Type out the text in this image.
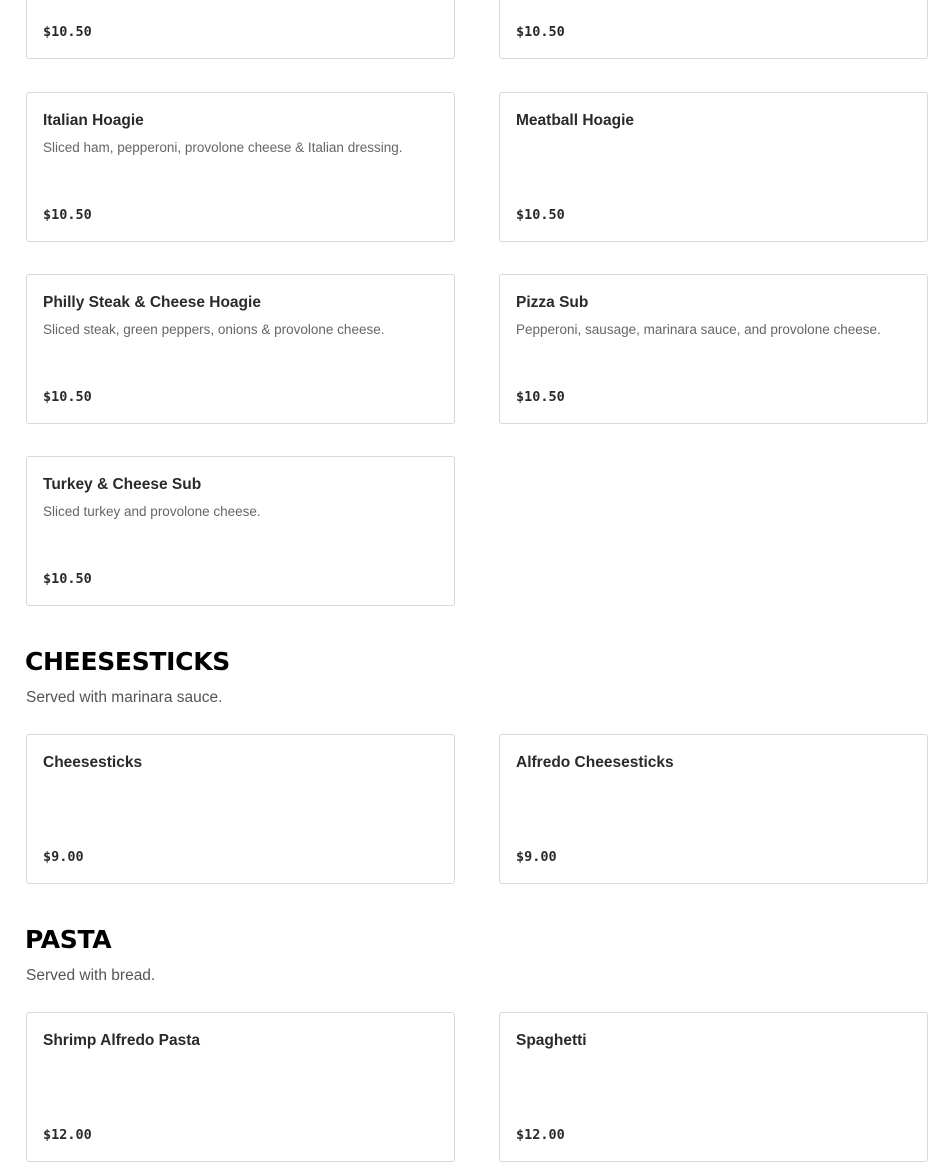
$10.50	$10.50
Italian Hoagie
Sliced ham, pepperoni, provolone cheese & Italian dressing.
$10.50
Meatball Hoagie
$10.50
Philly Steak & Cheese Hoagie
Sliced steak, green peppers, onions & provolone cheese.
$10.50
Pizza Sub
Pepperoni, sausage, marinara sauce, and provolone cheese.
$10.50
Turkey & Cheese Sub
Sliced turkey and provolone cheese.
$10.50
CHEESESTICKS
Served with marinara sauce.
Cheesesticks
$9.00
Alfredo Cheesesticks
$9.00
PASTA
Served with bread.
Shrimp Alfredo Pasta
$12.00
Spaghetti
$12.00
